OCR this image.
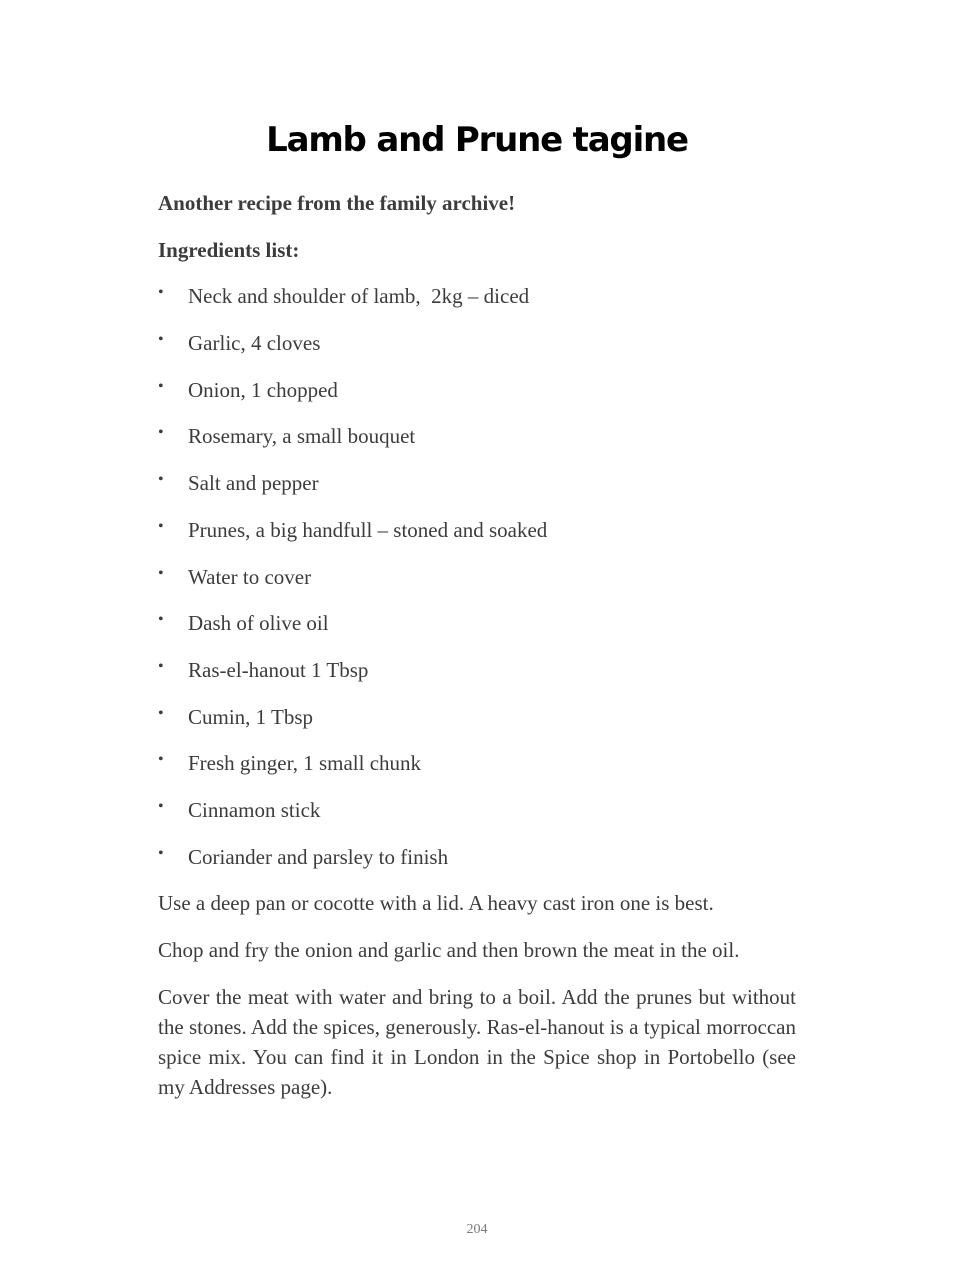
Lamb and Prune tagine

Another recipe from the family archive!

Ingredients list:

• Neck and shoulder of lamb,  2kg – diced
• Garlic, 4 cloves
• Onion, 1 chopped
• Rosemary, a small bouquet
• Salt and pepper
• Prunes, a big handfull – stoned and soaked
• Water to cover
• Dash of olive oil
• Ras-el-hanout 1 Tbsp
• Cumin, 1 Tbsp
• Fresh ginger, 1 small chunk
• Cinnamon stick
• Coriander and parsley to finish

Use a deep pan or cocotte with a lid. A heavy cast iron one is best.

Chop and fry the onion and garlic and then brown the meat in the oil.

Cover the meat with water and bring to a boil. Add the prunes but without the stones. Add the spices, generously. Ras-el-hanout is a typical morroccan spice mix. You can find it in London in the Spice shop in Portobello (see my Addresses page).

204
